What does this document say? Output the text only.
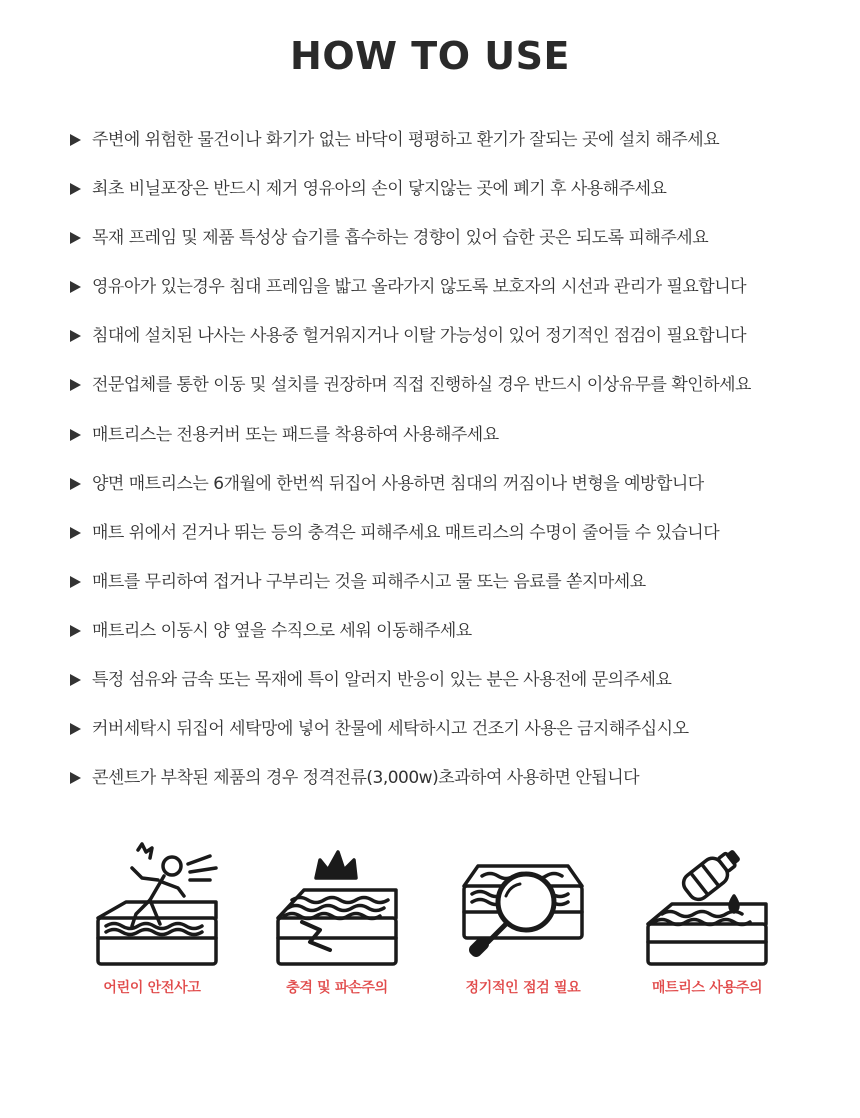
HOW TO USE
주변에 위험한 물건이나 화기가 없는 바닥이 평평하고 환기가 잘되는 곳에 설치 해주세요
최초 비닐포장은 반드시 제거 영유아의 손이 닿지않는 곳에 폐기 후 사용해주세요
목재 프레임 및 제품 특성상 습기를 흡수하는 경향이 있어 습한 곳은 되도록 피해주세요
영유아가 있는경우 침대 프레임을 밟고 올라가지 않도록 보호자의 시선과 관리가 필요합니다
침대에 설치된 나사는 사용중 헐거워지거나 이탈 가능성이 있어 정기적인 점검이 필요합니다
전문업체를 통한 이동 및 설치를 권장하며 직접 진행하실 경우 반드시 이상유무를 확인하세요
매트리스는 전용커버 또는 패드를 착용하여 사용해주세요
양면 매트리스는 6개월에 한번씩 뒤집어 사용하면 침대의 꺼짐이나 변형을 예방합니다
매트 위에서 걷거나 뛰는 등의 충격은 피해주세요 매트리스의 수명이 줄어들 수 있습니다
매트를 무리하여 접거나 구부리는 것을 피해주시고 물 또는 음료를 쏟지마세요
매트리스 이동시 양 옆을 수직으로 세워 이동해주세요
특정 섬유와 금속 또는 목재에 특이 알러지 반응이 있는 분은 사용전에 문의주세요
커버세탁시 뒤집어 세탁망에 넣어 찬물에 세탁하시고 건조기 사용은 금지해주십시오
콘센트가 부착된 제품의 경우 정격전류(3,000w)초과하여 사용하면 안됩니다
어린이 안전사고	충격 및 파손주의	정기적인 점검 필요	매트리스 사용주의
